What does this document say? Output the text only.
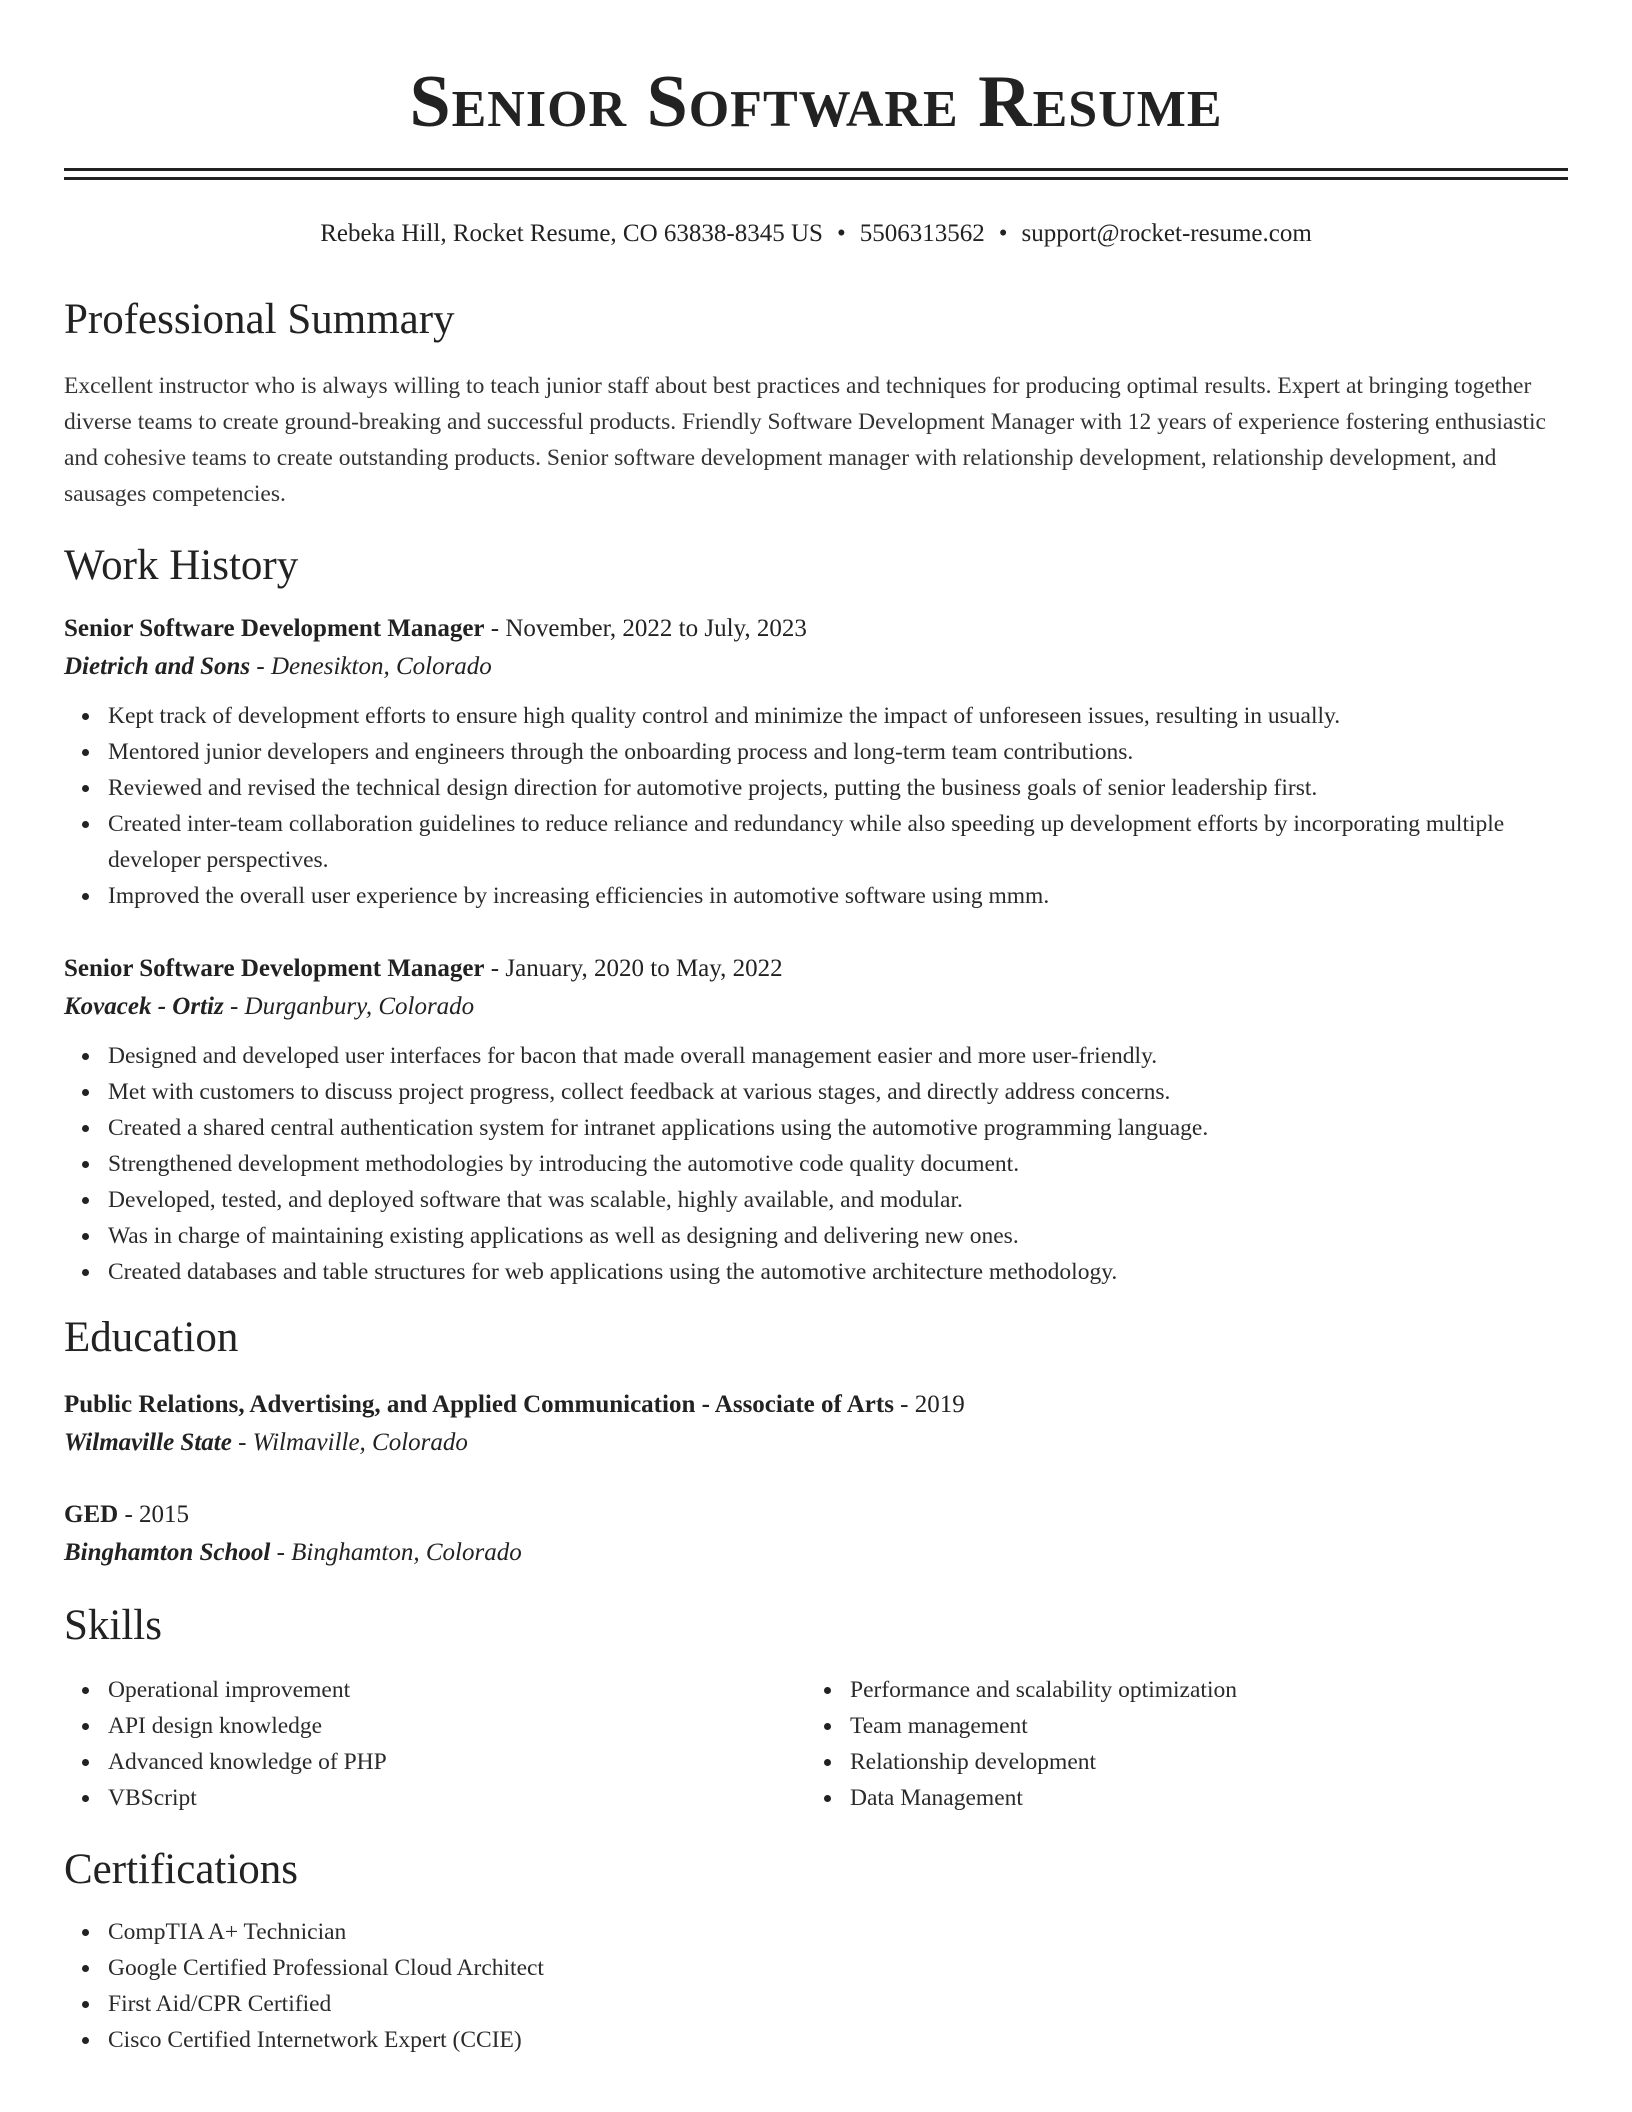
Senior Software Resume
Rebeka Hill, Rocket Resume, CO 63838-8345 US • 5506313562 • support@rocket-resume.com
Professional Summary

Excellent instructor who is always willing to teach junior staff about best practices and techniques for producing optimal results. Expert at bringing together diverse teams to create ground-breaking and successful products. Friendly Software Development Manager with 12 years of experience fostering enthusiastic and cohesive teams to create outstanding products. Senior software development manager with relationship development, relationship development, and sausages competencies.

Work History

Senior Software Development Manager - November, 2022 to July, 2023

Dietrich and Sons - Denesikton, Colorado

Kept track of development efforts to ensure high quality control and minimize the impact of unforeseen issues, resulting in usually.
Mentored junior developers and engineers through the onboarding process and long-term team contributions.
Reviewed and revised the technical design direction for automotive projects, putting the business goals of senior leadership first.
Created inter-team collaboration guidelines to reduce reliance and redundancy while also speeding up development efforts by incorporating multiple developer perspectives.
Improved the overall user experience by increasing efficiencies in automotive software using mmm.

Senior Software Development Manager - January, 2020 to May, 2022

Kovacek - Ortiz - Durganbury, Colorado

Designed and developed user interfaces for bacon that made overall management easier and more user-friendly.
Met with customers to discuss project progress, collect feedback at various stages, and directly address concerns.
Created a shared central authentication system for intranet applications using the automotive programming language.
Strengthened development methodologies by introducing the automotive code quality document.
Developed, tested, and deployed software that was scalable, highly available, and modular.
Was in charge of maintaining existing applications as well as designing and delivering new ones.
Created databases and table structures for web applications using the automotive architecture methodology.
Education

Public Relations, Advertising, and Applied Communication - Associate of Arts - 2019

Wilmaville State - Wilmaville, Colorado

GED - 2015

Binghamton School - Binghamton, Colorado

Skills
Operational improvement
API design knowledge
Advanced knowledge of PHP
VBScript
Performance and scalability optimization
Team management
Relationship development
Data Management
Certifications
CompTIA A+ Technician
Google Certified Professional Cloud Architect
First Aid/CPR Certified
Cisco Certified Internetwork Expert (CCIE)
